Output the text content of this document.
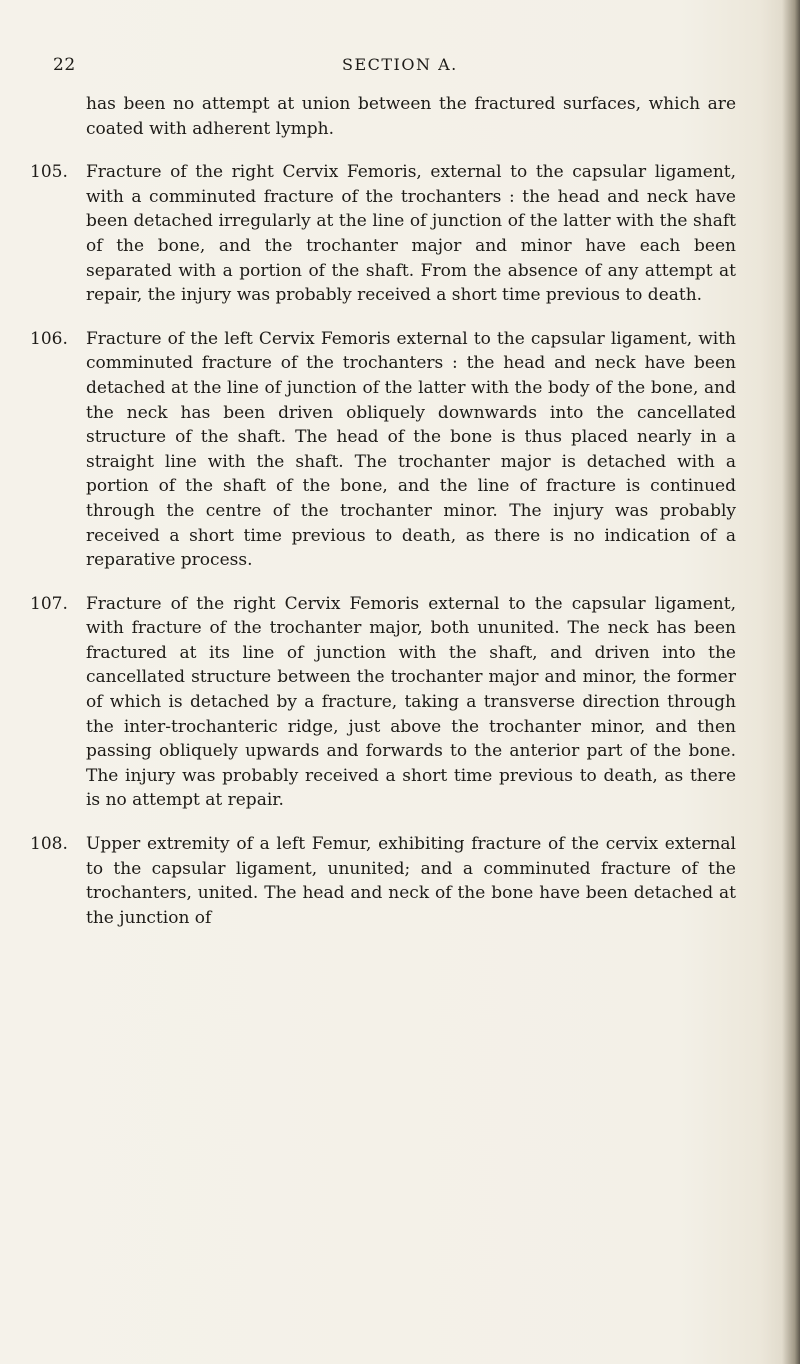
22	SECTION A.

has been no attempt at union between the fractured surfaces, which are coated with adherent lymph.

105.	Fracture of the right Cervix Femoris, external to the capsular ligament, with a comminuted fracture of the trochanters : the head and neck have been detached irregularly at the line of junction of the latter with the shaft of the bone, and the trochanter major and minor have each been separated with a portion of the shaft. From the absence of any attempt at repair, the injury was probably received a short time previous to death.
106.	Fracture of the left Cervix Femoris external to the capsular ligament, with comminuted fracture of the trochanters : the head and neck have been detached at the line of junction of the latter with the body of the bone, and the neck has been driven obliquely downwards into the cancellated structure of the shaft. The head of the bone is thus placed nearly in a straight line with the shaft. The trochanter major is detached with a portion of the shaft of the bone, and the line of fracture is continued through the centre of the trochanter minor. The injury was probably received a short time previous to death, as there is no indication of a reparative process.
107.	Fracture of the right Cervix Femoris external to the capsular ligament, with fracture of the trochanter major, both ununited. The neck has been fractured at its line of junction with the shaft, and driven into the cancellated structure between the trochanter major and minor, the former of which is detached by a fracture, taking a transverse direction through the inter-trochanteric ridge, just above the trochanter minor, and then passing obliquely upwards and forwards to the anterior part of the bone. The injury was probably received a short time previous to death, as there is no attempt at repair.
108.	Upper extremity of a left Femur, exhibiting fracture of the cervix external to the capsular ligament, ununited; and a comminuted fracture of the trochanters, united. The head and neck of the bone have been detached at the junction of
